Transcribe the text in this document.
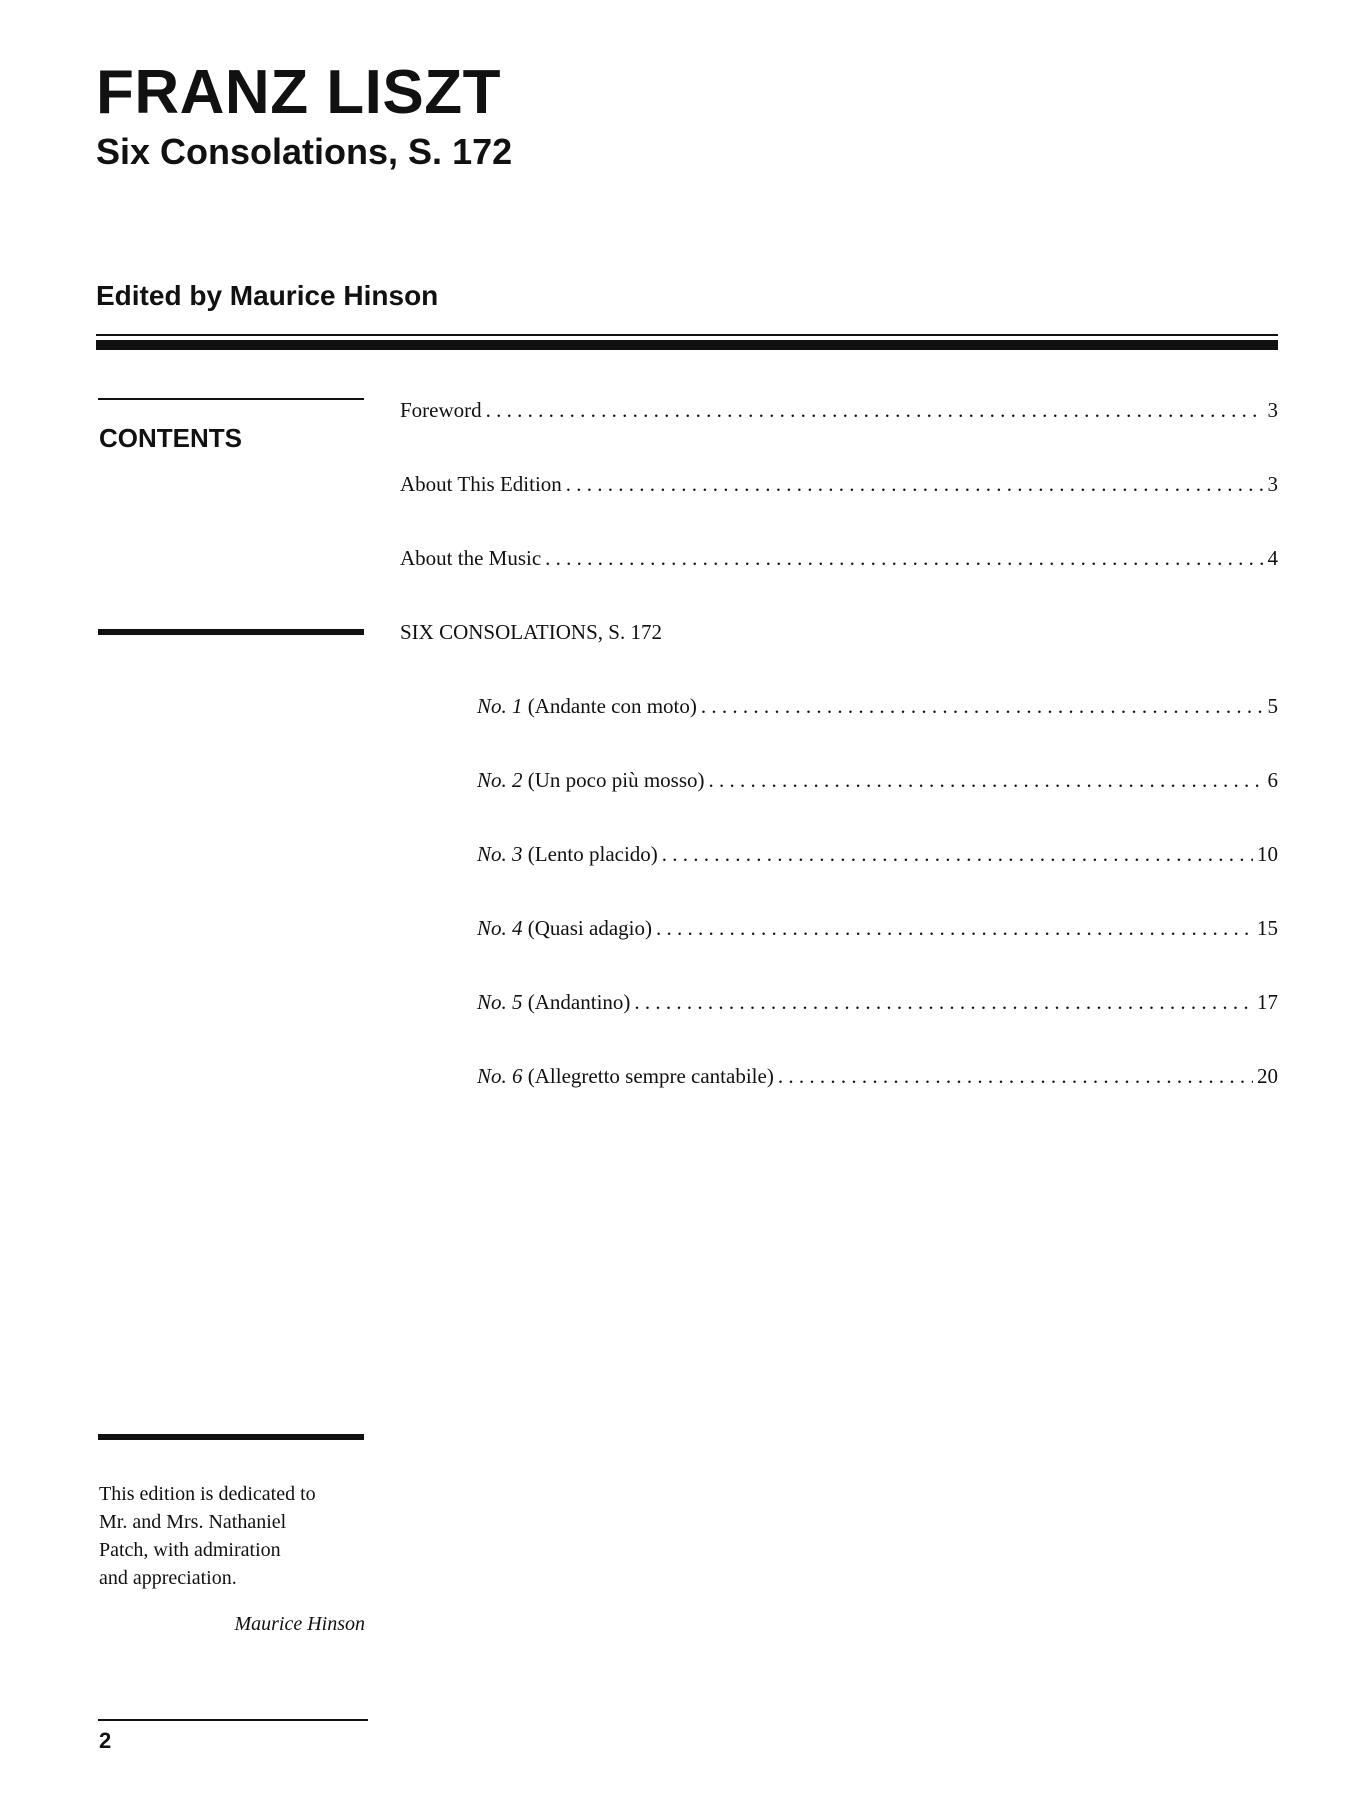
FRANZ LISZT
Six Consolations, S. 172
Edited by Maurice Hinson
CONTENTS
Foreword . . .	3
About This Edition . . .	3
About the Music . . .	4
SIX CONSOLATIONS, S. 172
No. 1 (Andante con moto) . . .	5
No. 2 (Un poco più mosso) . . .	6
No. 3 (Lento placido) . . .	10
No. 4 (Quasi adagio) . . .	15
No. 5 (Andantino) . . .	17
No. 6 (Allegretto sempre cantabile) . . .	20
This edition is dedicated to
Mr. and Mrs. Nathaniel
Patch, with admiration
and appreciation.
Maurice Hinson
2
